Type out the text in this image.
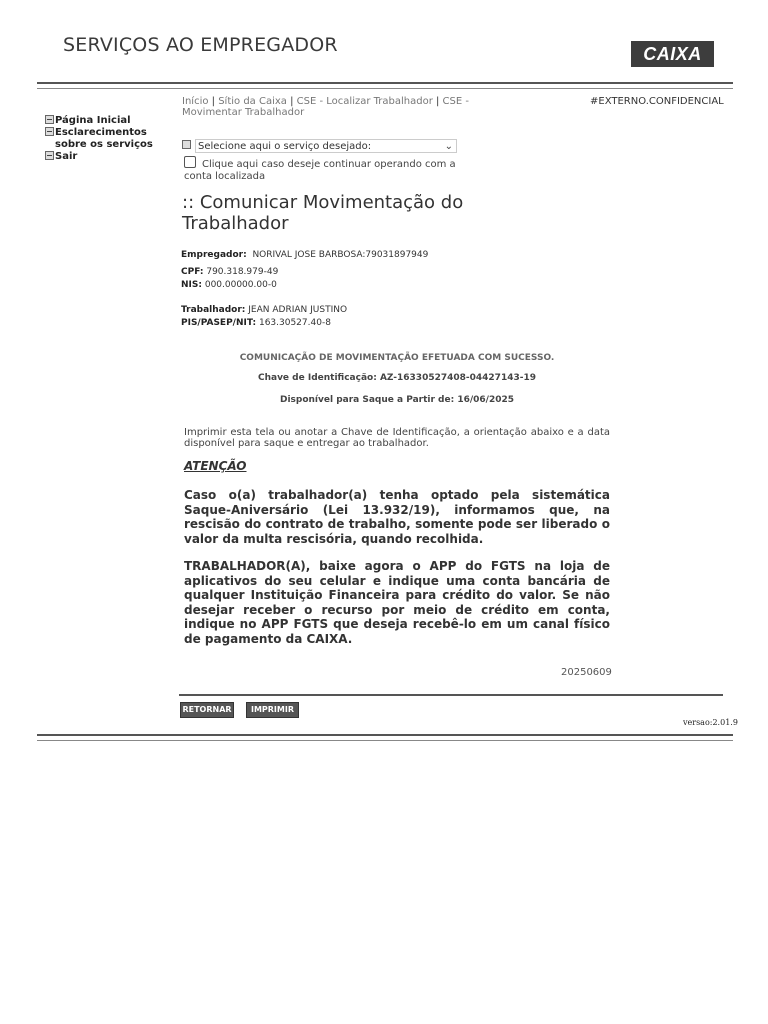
SERVIÇOS AO EMPREGADOR	CAIXA
Página Inicial
Esclarecimentos sobre os serviços
Sair
Início | Sítio da Caixa | CSE - Localizar Trabalhador | CSE - Movimentar Trabalhador
#EXTERNO.CONFIDENCIAL
Selecione aqui o serviço desejado:	⌄
Clique aqui caso deseje continuar operando com a conta localizada
:: Comunicar Movimentação do Trabalhador
Empregador: NORIVAL JOSE BARBOSA:79031897949
CPF: 790.318.979-49
NIS: 000.00000.00-0
Trabalhador: JEAN ADRIAN JUSTINO
PIS/PASEP/NIT: 163.30527.40-8
COMUNICAÇÃO DE MOVIMENTAÇÃO EFETUADA COM SUCESSO.
Chave de Identificação: AZ-16330527408-04427143-19
Disponível para Saque a Partir de: 16/06/2025
Imprimir esta tela ou anotar a Chave de Identificação, a orientação abaixo e a data disponível para saque e entregar ao trabalhador.
ATENÇÃO
Caso o(a) trabalhador(a) tenha optado pela sistemática Saque-Aniversário (Lei 13.932/19), informamos que, na rescisão do contrato de trabalho, somente pode ser liberado o valor da multa rescisória, quando recolhida.
TRABALHADOR(A), baixe agora o APP do FGTS na loja de aplicativos do seu celular e indique uma conta bancária de qualquer Instituição Financeira para crédito do valor. Se não desejar receber o recurso por meio de crédito em conta, indique no APP FGTS que deseja recebê-lo em um canal físico de pagamento da CAIXA.
20250609
RETORNAR	IMPRIMIR
versao:2.01.9
